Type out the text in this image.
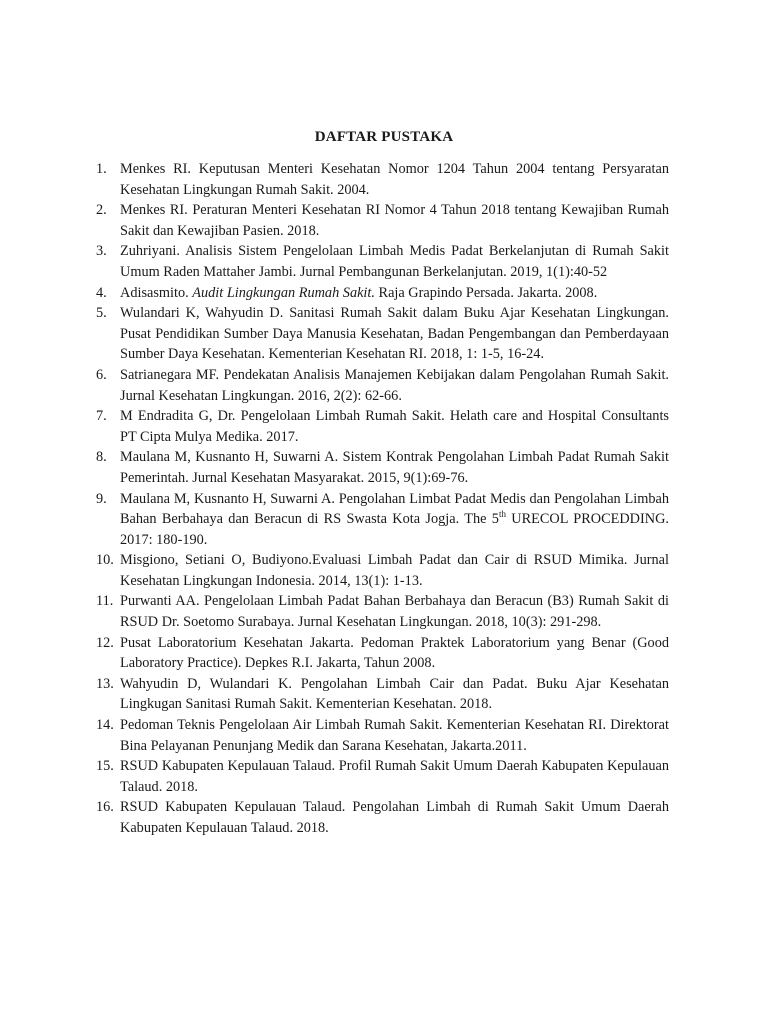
DAFTAR PUSTAKA
1. Menkes RI. Keputusan Menteri Kesehatan Nomor 1204 Tahun 2004 tentang Persyaratan Kesehatan Lingkungan Rumah Sakit. 2004.
2. Menkes RI. Peraturan Menteri Kesehatan RI Nomor 4 Tahun 2018 tentang Kewajiban Rumah Sakit dan Kewajiban Pasien. 2018.
3. Zuhriyani. Analisis Sistem Pengelolaan Limbah Medis Padat Berkelanjutan di Rumah Sakit Umum Raden Mattaher Jambi. Jurnal Pembangunan Berkelanjutan. 2019, 1(1):40-52
4. Adisasmito. Audit Lingkungan Rumah Sakit. Raja Grapindo Persada. Jakarta. 2008.
5. Wulandari K, Wahyudin D. Sanitasi Rumah Sakit dalam Buku Ajar Kesehatan Lingkungan. Pusat Pendidikan Sumber Daya Manusia Kesehatan, Badan Pengembangan dan Pemberdayaan Sumber Daya Kesehatan. Kementerian Kesehatan RI. 2018, 1: 1-5, 16-24.
6. Satrianegara MF. Pendekatan Analisis Manajemen Kebijakan dalam Pengolahan Rumah Sakit. Jurnal Kesehatan Lingkungan. 2016, 2(2): 62-66.
7. M Endradita G, Dr. Pengelolaan Limbah Rumah Sakit. Helath care and Hospital Consultants PT Cipta Mulya Medika. 2017.
8. Maulana M, Kusnanto H, Suwarni A. Sistem Kontrak Pengolahan Limbah Padat Rumah Sakit Pemerintah. Jurnal Kesehatan Masyarakat. 2015, 9(1):69-76.
9. Maulana M, Kusnanto H, Suwarni A. Pengolahan Limbat Padat Medis dan Pengolahan Limbah Bahan Berbahaya dan Beracun di RS Swasta Kota Jogja. The 5th URECOL PROCEDDING. 2017: 180-190.
10. Misgiono, Setiani O, Budiyono.Evaluasi Limbah Padat dan Cair di RSUD Mimika. Jurnal Kesehatan Lingkungan Indonesia. 2014, 13(1): 1-13.
11. Purwanti AA. Pengelolaan Limbah Padat Bahan Berbahaya dan Beracun (B3) Rumah Sakit di RSUD Dr. Soetomo Surabaya. Jurnal Kesehatan Lingkungan. 2018, 10(3): 291-298.
12. Pusat Laboratorium Kesehatan Jakarta. Pedoman Praktek Laboratorium yang Benar (Good Laboratory Practice). Depkes R.I. Jakarta, Tahun 2008.
13. Wahyudin D, Wulandari K. Pengolahan Limbah Cair dan Padat. Buku Ajar Kesehatan Lingkugan Sanitasi Rumah Sakit. Kementerian Kesehatan. 2018.
14. Pedoman Teknis Pengelolaan Air Limbah Rumah Sakit. Kementerian Kesehatan RI. Direktorat Bina Pelayanan Penunjang Medik dan Sarana Kesehatan, Jakarta.2011.
15. RSUD Kabupaten Kepulauan Talaud. Profil Rumah Sakit Umum Daerah Kabupaten Kepulauan Talaud. 2018.
16. RSUD Kabupaten Kepulauan Talaud. Pengolahan Limbah di Rumah Sakit Umum Daerah Kabupaten Kepulauan Talaud. 2018.
